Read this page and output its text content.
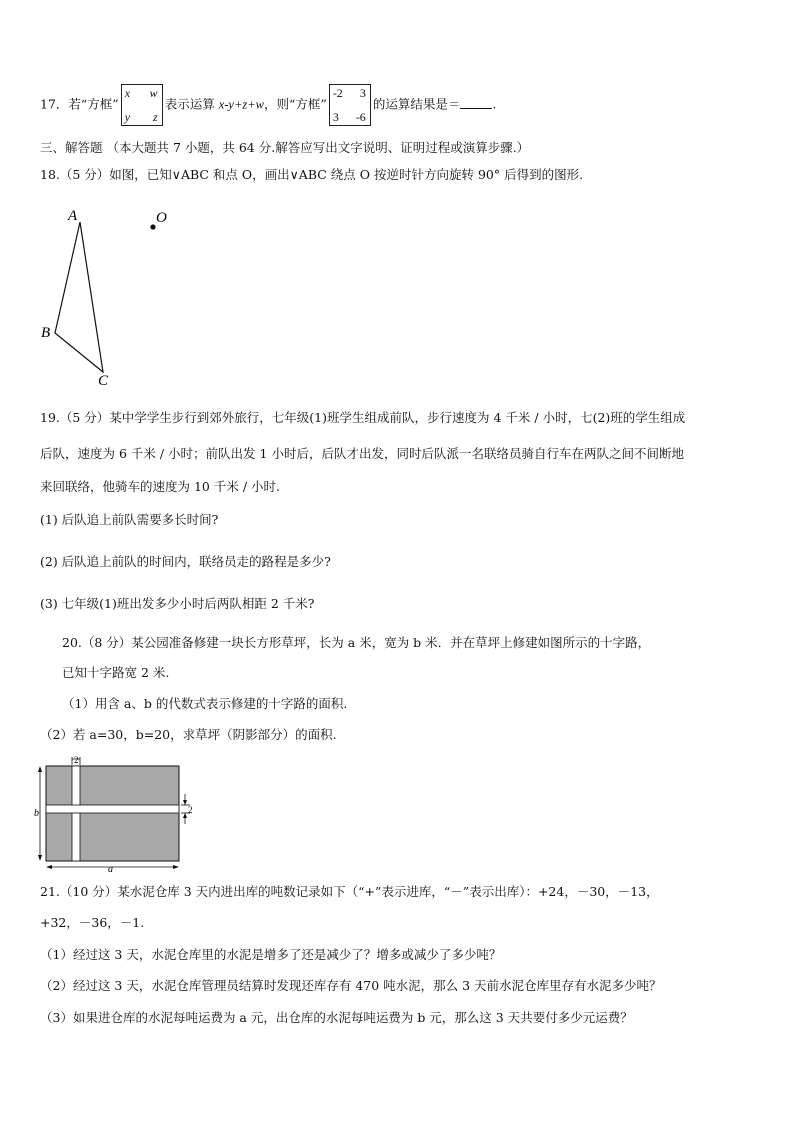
17．若“方框”
x w
y z
表示运算 x-y+z+w，则“方框”
-2 3
3 -6
的运算结果是＝	.
三、解答题 （本大题共 7 小题，共 64 分.解答应写出文字说明、证明过程或演算步骤.）
18.（5 分）如图，已知∨ABC 和点 O，画出∨ABC 绕点 O 按逆时针方向旋转 90° 后得到的图形.
A
B
C
O
19.（5 分）某中学学生步行到郊外旅行，七年级(1)班学生组成前队，步行速度为 4 千米 / 小时，七(2)班的学生组成
后队，速度为 6 千米 / 小时；前队出发 1 小时后，后队才出发，同时后队派一名联络员骑自行车在两队之间不间断地
来回联络，他骑车的速度为 10 千米 / 小时.
(1) 后队追上前队需要多长时间?
(2) 后队追上前队的时间内，联络员走的路程是多少?
(3) 七年级(1)班出发多少小时后两队相距 2 千米?
20.（8 分）某公园准备修建一块长方形草坪，长为 a 米，宽为 b 米．并在草坪上修建如图所示的十字路，
已知十字路宽 2 米.
（1）用含 a、b 的代数式表示修建的十字路的面积.
（2）若 a=30，b=20，求草坪（阴影部分）的面积.
2
2
b
a
21.（10 分）某水泥仓库 3 天内进出库的吨数记录如下（“+”表示进库，“－”表示出库）：+24，－30，－13，
+32，－36，－1.
（1）经过这 3 天，水泥仓库里的水泥是增多了还是减少了？增多或减少了多少吨？
（2）经过这 3 天，水泥仓库管理员结算时发现还库存有 470 吨水泥，那么 3 天前水泥仓库里存有水泥多少吨？
（3）如果进仓库的水泥每吨运费为 a 元，出仓库的水泥每吨运费为 b 元，那么这 3 天共要付多少元运费？
